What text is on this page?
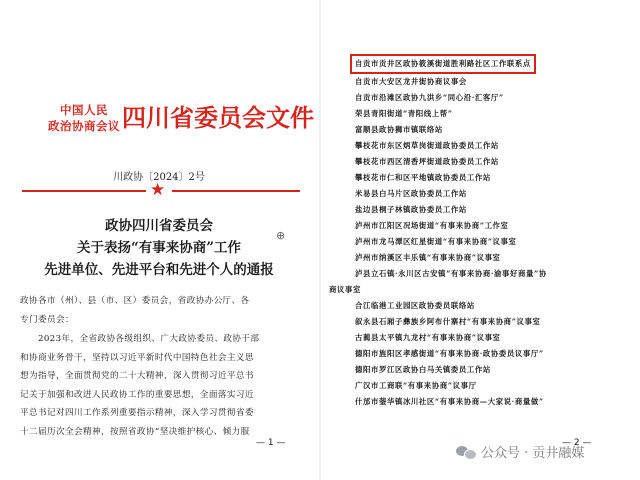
中国人民
政治协商会议 四川省委员会文件
川政协〔2024〕2号
★
政协四川省委员会
关于表扬“有事来协商”工作
先进单位、先进平台和先进个人的通报
⊕
政协各市（州）、县（市、区）委员会，省政协办公厅、各
专门委员会：
2023年，全省政协各级组织、广大政协委员、政协干部
和协商业务骨干，坚持以习近平新时代中国特色社会主义思
想为指导，全面贯彻党的二十大精神，深入贯彻习近平总书
记关于加强和改进人民政协工作的重要思想，全面落实习近
平总书记对四川工作系列重要指示精神，深入学习贯彻省委
十二届历次全会精神，按照省政协“坚决维护核心、倾力服
— 1 —
自贡市贡井区政协筱溪街道胜利路社区工作联系点
自贡市大安区龙井街协商议事会
自贡市沿滩区政协九洪乡“同心沿·汇客厅”
荣县青阳街道“青阳线上帮”
富顺县政协狮市镇联络站
攀枝花市东区炳草岗街道政协委员工作站
攀枝花市西区清香坪街道政协委员工作站
攀枝花市仁和区平地镇政协委员工作站
米易县白马片区政协委员工作站
盐边县桐子林镇政协委员工作站
泸州市江阳区况场街道“有事来协商”工作室
泸州市龙马潭区红星街道“有事来协商”议事室
泸州市纳溪区丰乐镇“有事来协商”议事室
泸县立石镇·永川区古安镇“有事来协商·渝事好商量”协
商议事室
合江临港工业园区政协委员联络站
叙永县石厢子彝族乡阿布什寨村“有事来协商”议事室
古蔺县太平镇九龙村“有事来协商”议事室
德阳市旌阳区孝感街道“有事来协商·政协委员议事厅”
德阳市罗江区政协白马关镇委员工作站
广汉市工商联“有事来协商”议事厅
什邡市蓥华镇冰川社区“有事来协商—大家说·商量做”
— 2 —
公众号 · 贡井融媒
